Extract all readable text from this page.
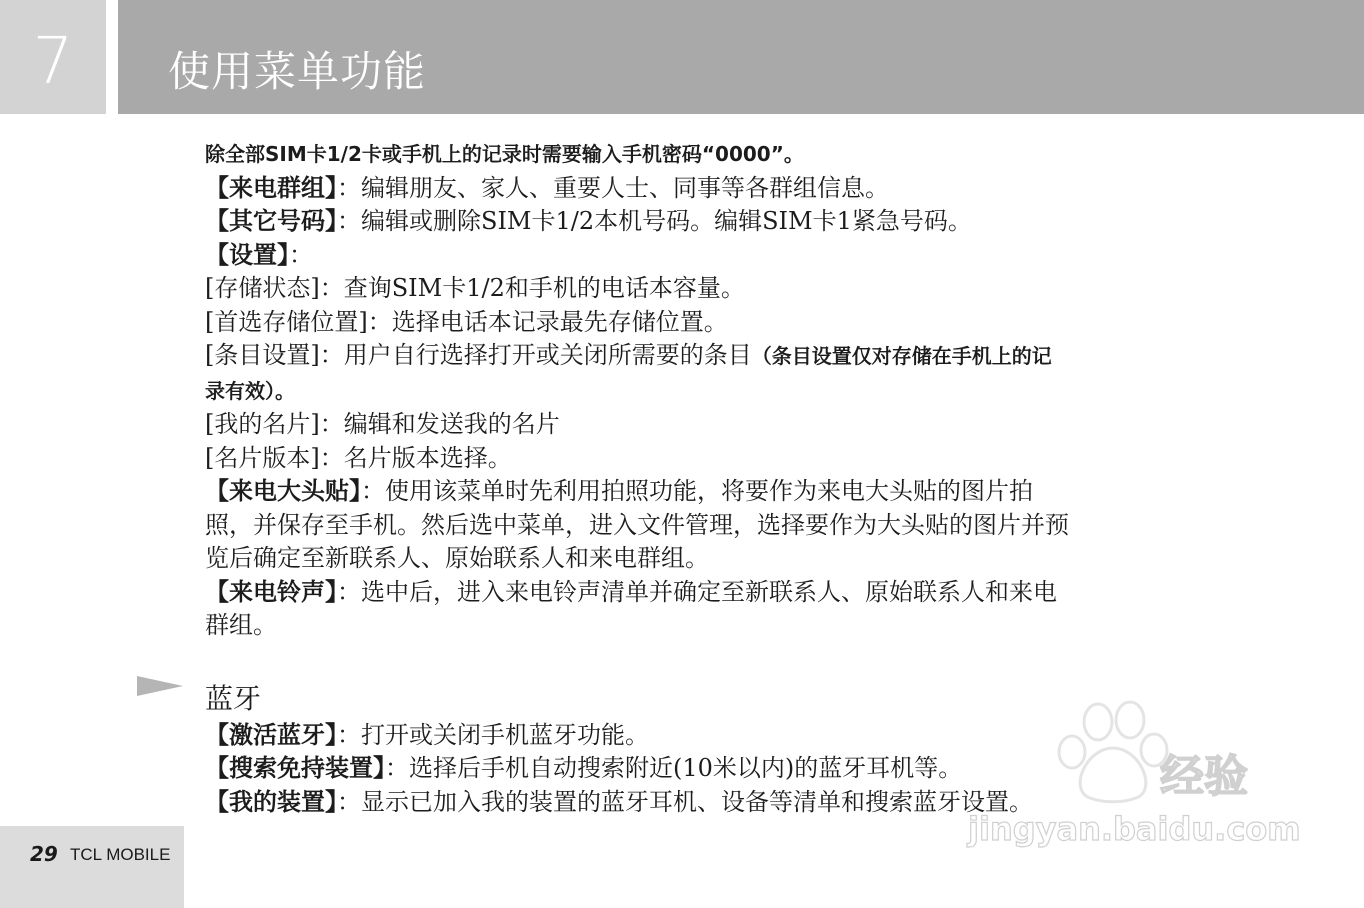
7	使用菜单功能
除全部SIM卡1/2卡或手机上的记录时需要输入手机密码“0000”。
【来电群组】：编辑朋友、家人、重要人士、同事等各群组信息。
【其它号码】：编辑或删除SIM卡1/2本机号码。编辑SIM卡1紧急号码。
【设置】：
[存储状态]：查询SIM卡1/2和手机的电话本容量。
[首选存储位置]：选择电话本记录最先存储位置。
[条目设置]：用户自行选择打开或关闭所需要的条目（条目设置仅对存储在手机上的记
录有效）。
[我的名片]：编辑和发送我的名片
[名片版本]：名片版本选择。
【来电大头贴】：使用该菜单时先利用拍照功能，将要作为来电大头贴的图片拍
照，并保存至手机。然后选中菜单，进入文件管理，选择要作为大头贴的图片并预
览后确定至新联系人、原始联系人和来电群组。
【来电铃声】：选中后，进入来电铃声清单并确定至新联系人、原始联系人和来电
群组。
蓝牙
【激活蓝牙】：打开或关闭手机蓝牙功能。
【搜索免持装置】：选择后手机自动搜索附近(10米以内)的蓝牙耳机等。
【我的装置】：显示已加入我的装置的蓝牙耳机、设备等清单和搜索蓝牙设置。	经验
jingyan.baidu.com
29 TCL MOBILE
